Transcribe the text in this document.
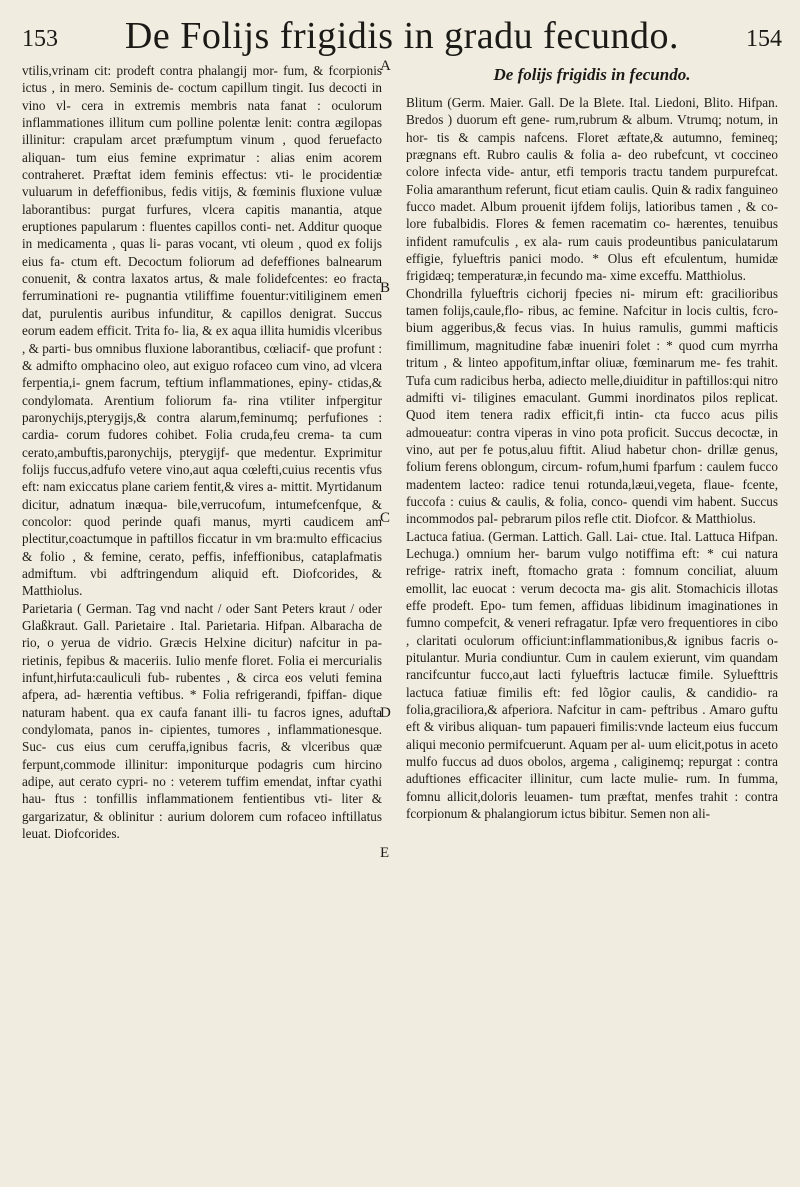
153	De Folijs frigidis in gradu fecundo.	154

vtilis,vrinam cit: prodeft contra phalangij mor- fum, & fcorpionis ictus , in mero. Seminis de- coctum capillum tingit. Ius decocti in vino vl- cera in extremis membris nata fanat : oculorum inflammationes illitum cum polline polentæ lenit: contra ægilopas illinitur: crapulam arcet præfumptum vinum , quod feruefacto aliquan- tum eius femine exprimatur : alias enim acorem contraheret. Præftat idem feminis effectus: vti- le procidentiæ vuluarum in defeffionibus, fedis vitijs, & fœminis fluxione vuluæ laborantibus: purgat furfures, vlcera capitis manantia, atque eruptiones papularum : fluentes capillos conti- net. Additur quoque in medicamenta , quas li- paras vocant, vti oleum , quod ex folijs eius fa- ctum eft. Decoctum foliorum ad defeffiones balnearum conuenit, & contra laxatos artus, & male folidefcentes: eo fracta ferruminationi re- pugnantia vtiliffime fouentur:vitiliginem emen dat, purulentis auribus infunditur, & capillos denigrat. Succus eorum eadem efficit. Trita fo- lia, & ex aqua illita humidis vlceribus , & parti- bus omnibus fluxione laborantibus, cœliacif- que profunt : & admifto omphacino oleo, aut exiguo rofaceo cum vino, ad vlcera ferpentia,i- gnem facrum, teftium inflammationes, epiny- ctidas,& condylomata. Arentium foliorum fa- rina vtiliter infpergitur paronychijs,pterygijs,& contra alarum,feminumq; perfufiones : cardia- corum fudores cohibet. Folia cruda,feu crema- ta cum cerato,ambuftis,paronychijs, pterygijf- que medentur. Exprimitur folijs fuccus,adfufo vetere vino,aut aqua cœlefti,cuius recentis vfus eft: nam exiccatus plane cariem fentit,& vires a- mittit. Myrtidanum dicitur, adnatum inæqua- bile,verrucofum, intumefcenfque, & concolor: quod perinde quafi manus, myrti caudicem am plectitur,coactumque in paftillos ficcatur in vm bra:multo efficacius & folio , & femine, cerato, peffis, infeffionibus, cataplafmatis admiftum. vbi adftringendum aliquid eft. Diofcorides, & Matthiolus.

Parietaria ( German. Tag vnd nacht / oder Sant Peters kraut / oder Glaßkraut. Gall. Parietaire . Ital. Parietaria. Hifpan. Albaracha de rio, o yerua de vidrio. Græcis Helxine dicitur) nafcitur in pa- rietinis, fepibus & maceriis. Iulio menfe floret. Folia ei mercurialis infunt,hirfuta:cauliculi fub- rubentes , & circa eos veluti femina afpera, ad- hærentia veftibus. * Folia refrigerandi, fpiffan- dique naturam habent. qua ex caufa fanant illi- tu facros ignes, adufta condylomata, panos in- cipientes, tumores , inflammationesque. Suc- cus eius cum ceruffa,ignibus facris, & vlceribus quæ ferpunt,commode illinitur: imponiturque podagris cum hircino adipe, aut cerato cypri- no : veterem tuffim emendat, inftar cyathi hau- ftus : tonfillis inflammationem fentientibus vti- liter & gargarizatur, & oblinitur : aurium dolorem cum rofaceo inftillatus leuat. Diofcorides.

A
B
C
D
E
De folijs frigidis in fecundo.

Blitum (Germ. Maier. Gall. De la Blete. Ital. Liedoni, Blito. Hifpan. Bredos ) duorum eft gene- rum,rubrum & album. Vtrumq; notum, in hor- tis & campis nafcens. Floret æftate,& autumno, femineq; prægnans eft. Rubro caulis & folia a- deo rubefcunt, vt coccineo colore infecta vide- antur, etfi temporis tractu tandem purpurefcat. Folia amaranthum referunt, ficut etiam caulis. Quin & radix fanguineo fucco madet. Album prouenit ijfdem folijs, latioribus tamen , & co- lore fubalbidis. Flores & femen racematim co- hærentes, tenuibus infident ramufculis , ex ala- rum cauis prodeuntibus paniculatarum effigie, fylueftris panici modo. * Olus eft efculentum, humidæ frigidæq; temperaturæ,in fecundo ma- xime exceffu. Matthiolus.

Chondrilla fylueftris cichorij fpecies ni- mirum eft: gracilioribus tamen folijs,caule,flo- ribus, ac femine. Nafcitur in locis cultis, fcro- bium aggeribus,& fecus vias. In huius ramulis, gummi mafticis fimillimum, magnitudine fabæ inueniri folet : * quod cum myrrha tritum , & linteo appofitum,inftar oliuæ, fœminarum me- fes trahit. Tufa cum radicibus herba, adiecto melle,diuiditur in paftillos:qui nitro admifti vi- tiligines emaculant. Gummi inordinatos pilos replicat. Quod item tenera radix efficit,fi intin- cta fucco acus pilis admoueatur: contra viperas in vino pota proficit. Succus decoctæ, in vino, aut per fe potus,aluu fiftit. Aliud habetur chon- drillæ genus, folium ferens oblongum, circum- rofum,humi fparfum : caulem fucco madentem lacteo: radice tenui rotunda,læui,vegeta, flaue- fcente, fuccofa : cuius & caulis, & folia, conco- quendi vim habent. Succus incommodos pal- pebrarum pilos refle ctit. Diofcor. & Matthiolus.

Lactuca fatiua. (German. Lattich. Gall. Lai- ctue. Ital. Lattuca Hifpan. Lechuga.) omnium her- barum vulgo notiffima eft: * cui natura refrige- ratrix ineft, ftomacho grata : fomnum conciliat, aluum emollit, lac euocat : verum decocta ma- gis alit. Stomachicis illotas effe prodeft. Epo- tum femen, affiduas libidinum imaginationes in fumno compefcit, & veneri refragatur. Ipfæ vero frequentiores in cibo , claritati oculorum officiunt:inflammationibus,& ignibus facris o- pitulantur. Muria condiuntur. Cum in caulem exierunt, vim quandam rancifcuntur fucco,aut lacti fylueftris lactucæ fimile. Syluefttris lactuca fatiuæ fimilis eft: fed lõgior caulis, & candidio- ra folia,graciliora,& afperiora. Nafcitur in cam- peftribus . Amaro guftu eft & viribus aliquan- tum papaueri fimilis:vnde lacteum eius fuccum aliqui meconio permifcuerunt. Aquam per al- uum elicit,potus in aceto mulfo fuccus ad duos obolos, argema , caliginemq; repurgat : contra aduftiones efficaciter illinitur, cum lacte mulie- rum. In fumma, fomnu allicit,doloris leuamen- tum præftat, menfes trahit : contra fcorpionum & phalangiorum ictus bibitur. Semen non ali-
